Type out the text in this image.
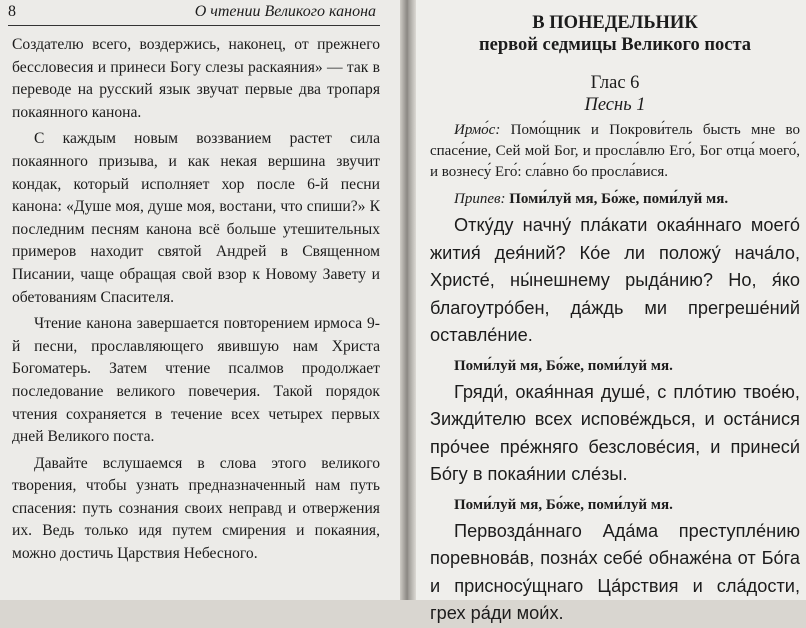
8	О чтении Великого канона

Создателю всего, воздержись, наконец, от прежнего бессловесия и принеси Богу слезы раскаяния» — так в переводе на русский язык звучат первые два тропаря покаянного канона.

С каждым новым воззванием растет сила покаянного призыва, и как некая вершина звучит кондак, который исполняет хор после 6-й песни канона: «Душе моя, душе моя, востани, что спиши?» К последним песням канона всё больше утешительных примеров находит святой Андрей в Священном Писании, чаще обращая свой взор к Новому Завету и обетованиям Спасителя.

Чтение канона завершается повторением ирмоса 9-й песни, прославляющего явившую нам Христа Богоматерь. Затем чтение псалмов продолжает последование великого повечерия. Такой порядок чтения сохраняется в течение всех четырех первых дней Великого поста.

Давайте вслушаемся в слова этого великого творения, чтобы узнать предназначенный нам путь спасения: путь сознания своих неправд и отвержения их. Ведь только идя путем смирения и покаяния, можно достичь Царствия Небесного.

В ПОНЕДЕЛЬНИК
первой седмицы Великого поста
Глас 6
Песнь 1
Ирмо́с: Помо́щник и Покрови́тель бысть мне во спасе́ние, Сей мой Бог, и просла́влю Его́, Бог отца́ моего́, и вознесу́ Его́: сла́вно бо просла́вися.
Припев: Поми́луй мя, Бо́же, поми́луй мя.
Отку́ду начну́ пла́кати окая́ннаго моего́ жития́ дея́ний? Ко́е ли положу́ нача́ло, Христе́, ны́нешнему рыда́нию? Но, я́ко благоутро́бен, да́ждь ми прегреше́ний оставле́ние.
Поми́луй мя, Бо́же, поми́луй мя.
Гряди́, окая́нная душе́, с пло́тию твое́ю, Зижди́телю всех испове́ждься, и оста́нися про́чее пре́жняго безслове́сия, и принеси́ Бо́гу в покая́нии сле́зы.
Поми́луй мя, Бо́же, поми́луй мя.
Первозда́ннаго Ада́ма преступле́нию поревнова́в, позна́х себе́ обнаже́на от Бо́га и присносу́щнаго Ца́рствия и сла́дости, грех ра́ди мои́х.
